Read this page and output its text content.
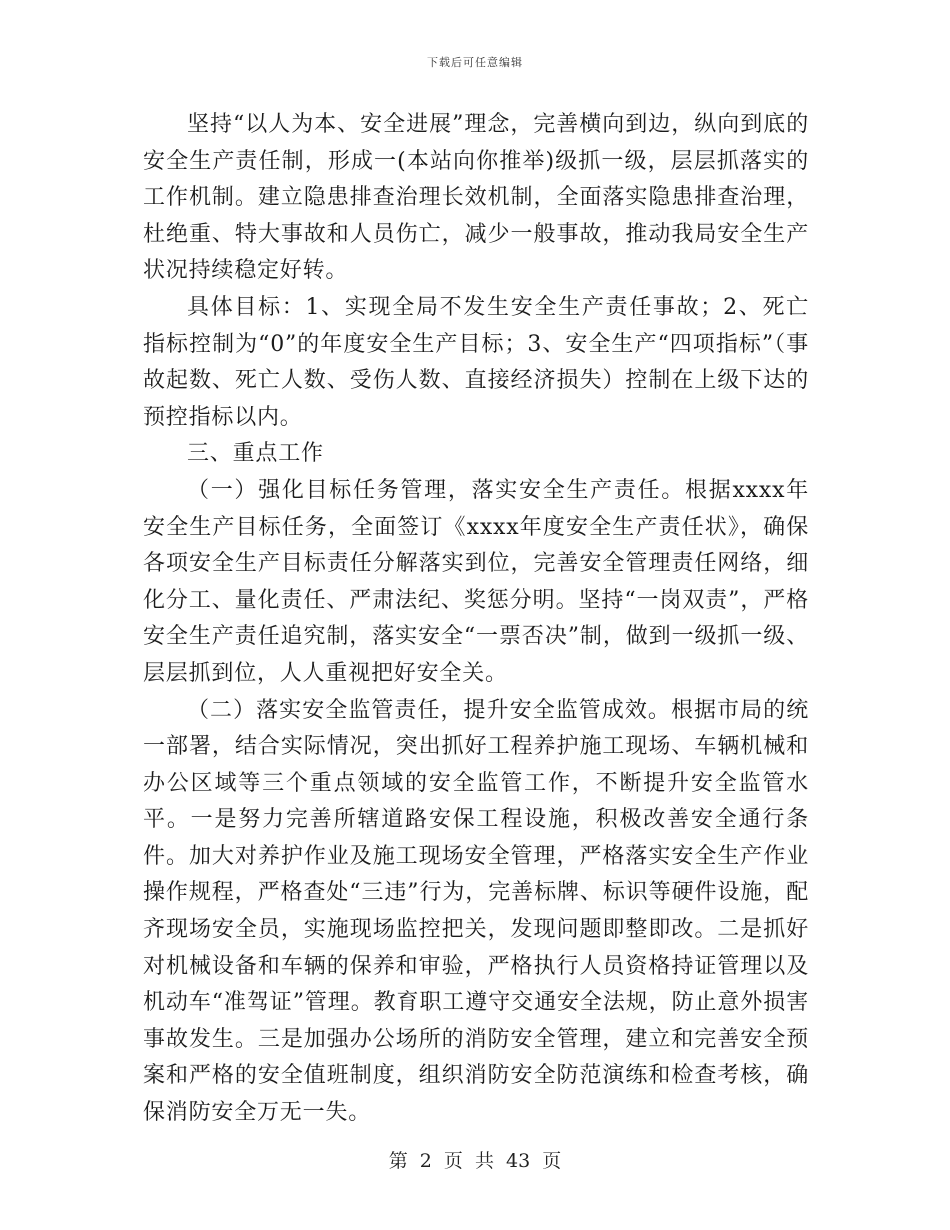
下载后可任意编辑

坚持“以人为本、安全进展”理念，完善横向到边，纵向到底的安全生产责任制，形成一(本站向你推举)级抓一级，层层抓落实的工作机制。建立隐患排查治理长效机制，全面落实隐患排查治理，杜绝重、特大事故和人员伤亡，减少一般事故，推动我局安全生产状况持续稳定好转。

具体目标：1、实现全局不发生安全生产责任事故；2、死亡指标控制为“0”的年度安全生产目标；3、安全生产“四项指标”（事故起数、死亡人数、受伤人数、直接经济损失）控制在上级下达的预控指标以内。

三、重点工作

（一）强化目标任务管理，落实安全生产责任。根据xxxx年安全生产目标任务，全面签订《xxxx年度安全生产责任状》，确保各项安全生产目标责任分解落实到位，完善安全管理责任网络，细化分工、量化责任、严肃法纪、奖惩分明。坚持“一岗双责”，严格安全生产责任追究制，落实安全“一票否决”制，做到一级抓一级、层层抓到位，人人重视把好安全关。

（二）落实安全监管责任，提升安全监管成效。根据市局的统一部署，结合实际情况，突出抓好工程养护施工现场、车辆机械和办公区域等三个重点领域的安全监管工作，不断提升安全监管水平。一是努力完善所辖道路安保工程设施，积极改善安全通行条件。加大对养护作业及施工现场安全管理，严格落实安全生产作业操作规程，严格查处“三违”行为，完善标牌、标识等硬件设施，配齐现场安全员，实施现场监控把关，发现问题即整即改。二是抓好对机械设备和车辆的保养和审验，严格执行人员资格持证管理以及机动车“准驾证”管理。教育职工遵守交通安全法规，防止意外损害事故发生。三是加强办公场所的消防安全管理，建立和完善安全预案和严格的安全值班制度，组织消防安全防范演练和检查考核，确保消防安全万无一失。

第 2 页 共 43 页
